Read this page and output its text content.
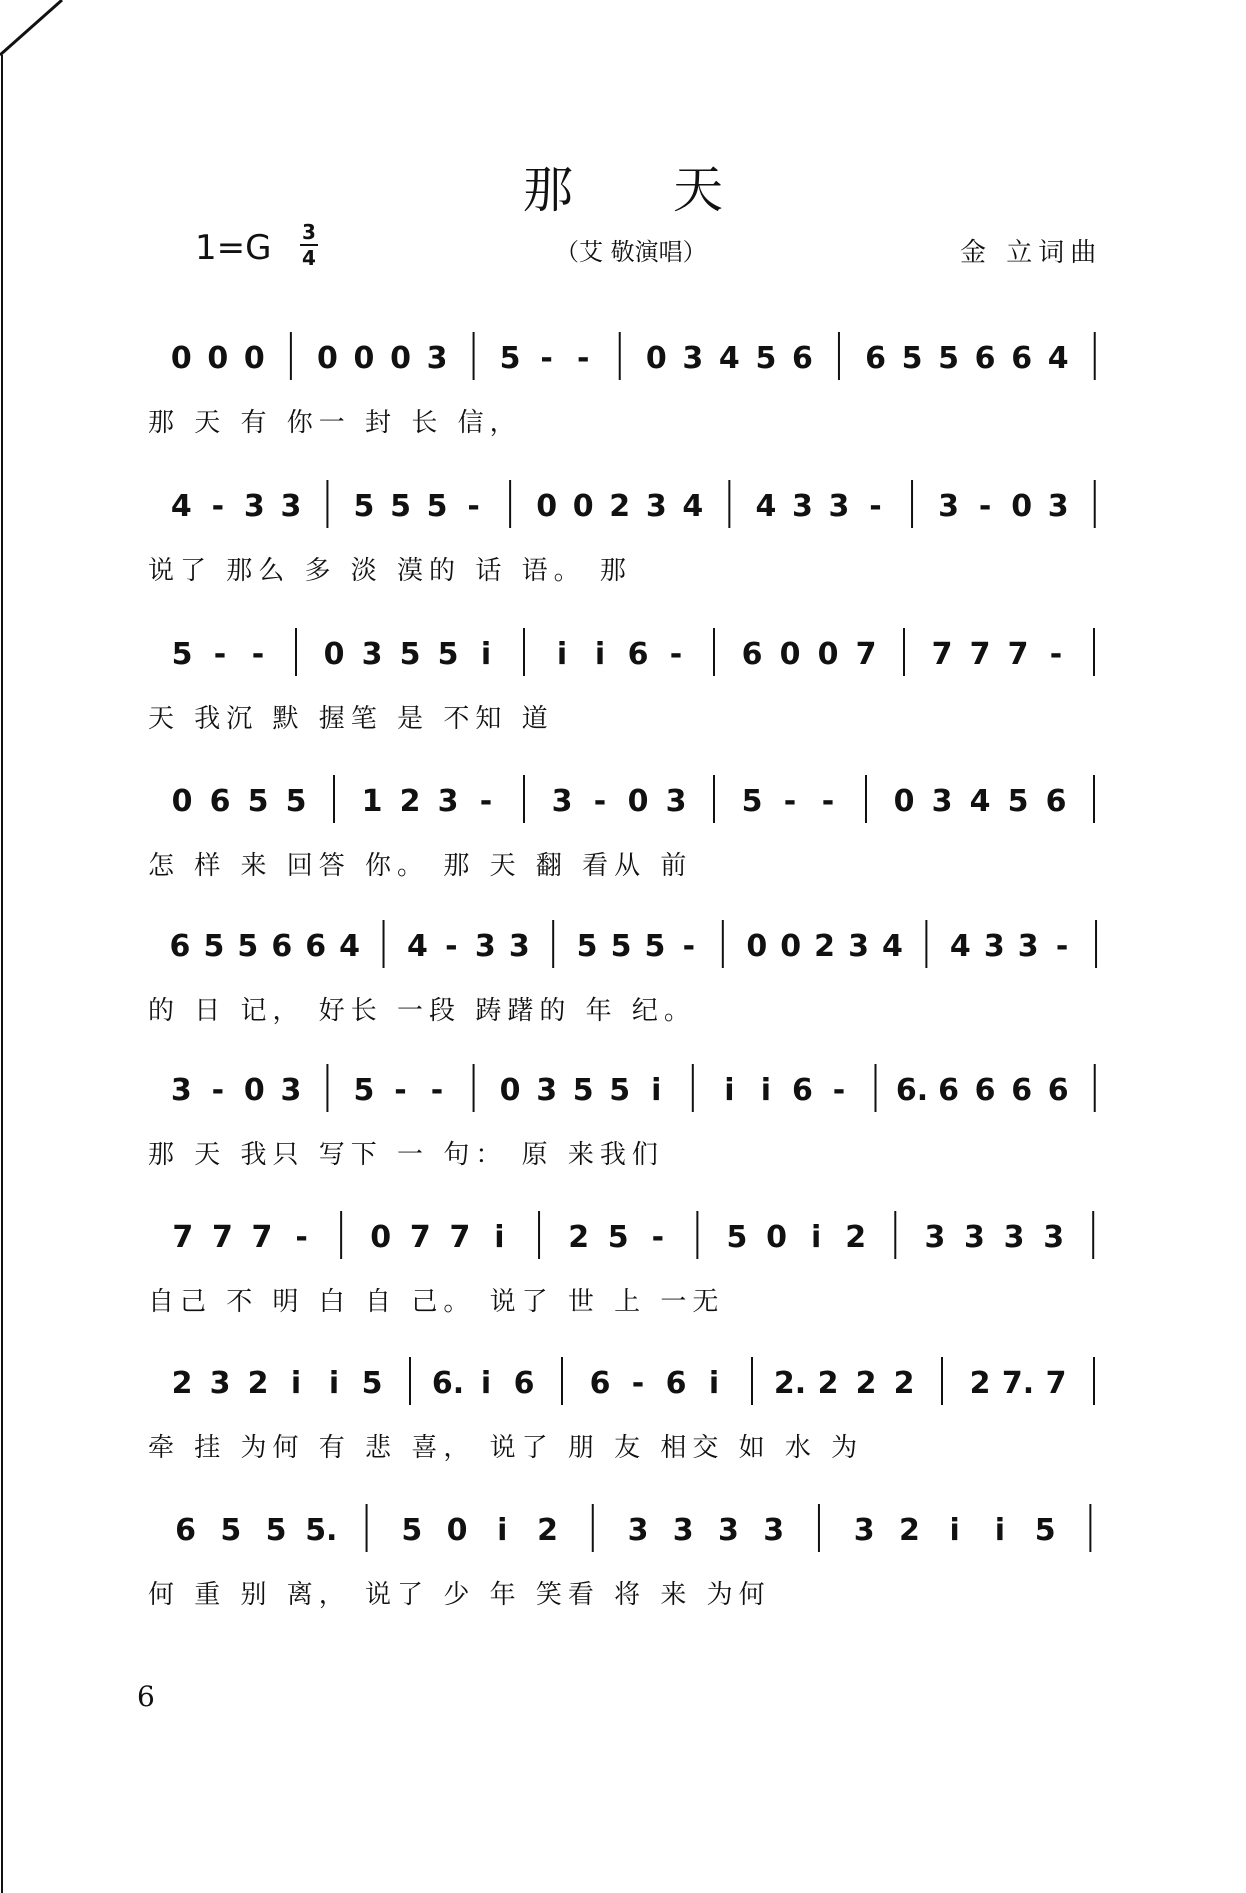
那天
1=G 3
4	（艾 敬演唱）	金 立词曲
0 0 0 0 0 0 3 5 - - 0 3 4 5 6 6 5 5 6 6 4
那 天 有 你一 封 长 信，
4 - 3 3 5 5 5 - 0 0 2 3 4 4 3 3 - 3 - 0 3
说了 那么 多 淡 漠的 话 语。 那
5 - - 0 3 5 5 i i i 6 - 6 0 0 7 7 7 7 -
天 我沉 默 握笔 是 不知 道
0 6 5 5 1 2 3 - 3 - 0 3 5 - - 0 3 4 5 6
怎 样 来 回答 你。 那 天 翻 看从 前
6 5 5 6 6 4 4 - 3 3 5 5 5 - 0 0 2 3 4 4 3 3 -
的 日 记， 好长 一段 踌躇的 年 纪。
3 - 0 3 5 - - 0 3 5 5 i i i 6 - 6. 6 6 6 6
那 天 我只 写下 一 句： 原 来我们
7 7 7 - 0 7 7 i 2 5 - 5 0 i 2 3 3 3 3
自己 不 明 白 自 己。 说了 世 上 一无
2 3 2 i i 5 6. i 6 6 - 6 i 2. 2 2 2 2 7. 7
牵 挂 为何 有 悲 喜， 说了 朋 友 相交 如 水 为
6 5 5 5. 5 0 i 2 3 3 3 3 3 2 i i 5
何 重 别 离， 说了 少 年 笑看 将 来 为何
6
